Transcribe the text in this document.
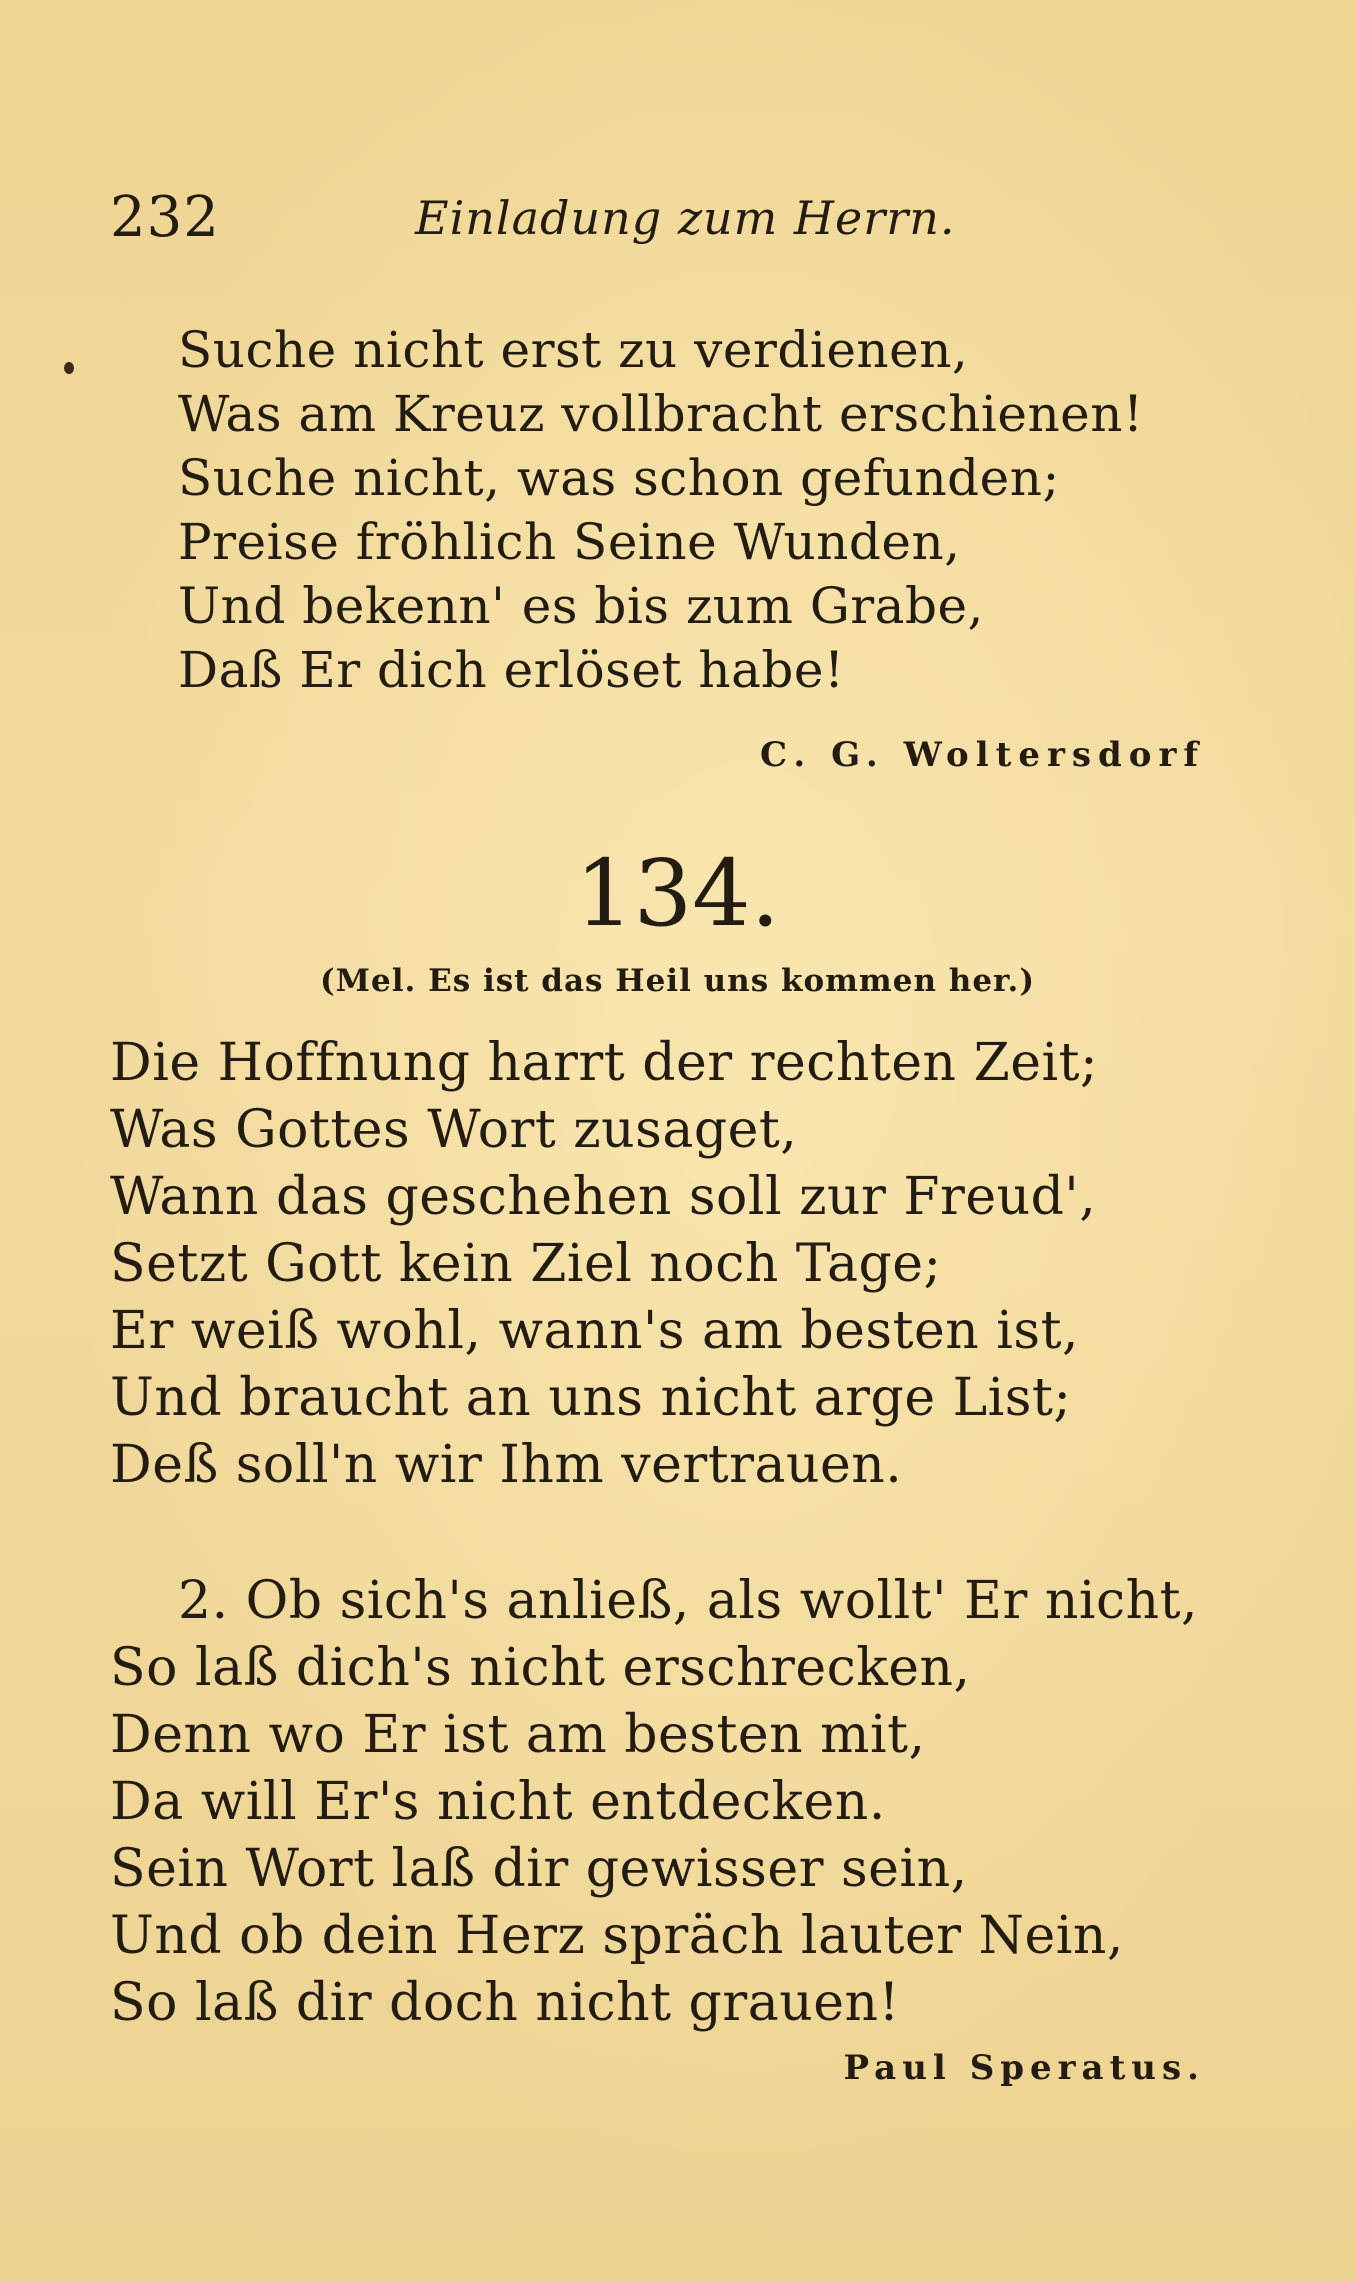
232	Einladung zum Herrn.
Suche nicht erst zu verdienen,
Was am Kreuz vollbracht erschienen!
Suche nicht, was schon gefunden;
Preise fröhlich Seine Wunden,
Und bekenn' es bis zum Grabe,
Daß Er dich erlöset habe!
C. G. Woltersdorf
134.
(Mel. Es ist das Heil uns kommen her.)
Die Hoffnung harrt der rechten Zeit;
Was Gottes Wort zusaget,
Wann das geschehen soll zur Freud',
Setzt Gott kein Ziel noch Tage;
Er weiß wohl, wann's am besten ist,
Und braucht an uns nicht arge List;
Deß soll'n wir Ihm vertrauen.
2. Ob sich's anließ, als wollt' Er nicht,
So laß dich's nicht erschrecken,
Denn wo Er ist am besten mit,
Da will Er's nicht entdecken.
Sein Wort laß dir gewisser sein,
Und ob dein Herz spräch lauter Nein,
So laß dir doch nicht grauen!
Paul Speratus.
